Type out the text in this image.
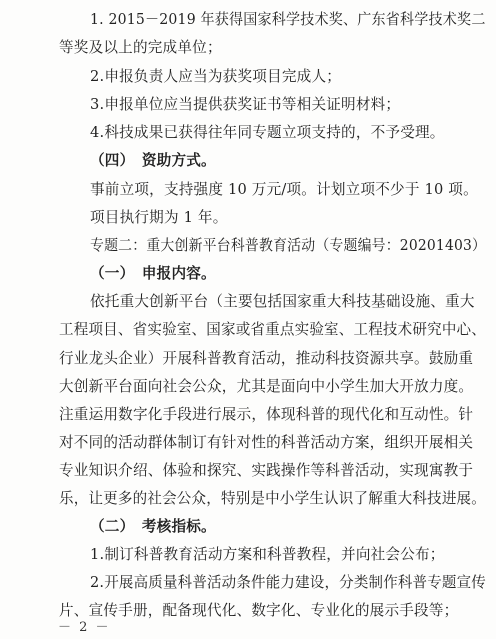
1. 2015－2019 年获得国家科学技术奖、广东省科学技术奖二
等奖及以上的完成单位；
2.申报负责人应当为获奖项目完成人；
3.申报单位应当提供获奖证书等相关证明材料；
4.科技成果已获得往年同专题立项支持的，不予受理。
（四）　资助方式。
事前立项，支持强度 10 万元/项。计划立项不少于 10 项。
项目执行期为 1 年。
专题二：重大创新平台科普教育活动（专题编号：20201403）
（一）　申报内容。
依托重大创新平台（主要包括国家重大科技基础设施、重大
工程项目、省实验室、国家或省重点实验室、工程技术研究中心、
行业龙头企业）开展科普教育活动，推动科技资源共享。鼓励重
大创新平台面向社会公众，尤其是面向中小学生加大开放力度。
注重运用数字化手段进行展示，体现科普的现代化和互动性。针
对不同的活动群体制订有针对性的科普活动方案，组织开展相关
专业知识介绍、体验和探究、实践操作等科普活动，实现寓教于
乐，让更多的社会公众，特别是中小学生认识了解重大科技进展。
（二）　考核指标。
1.制订科普教育活动方案和科普教程，并向社会公布；
2.开展高质量科普活动条件能力建设，分类制作科普专题宣传
片、宣传手册，配备现代化、数字化、专业化的展示手段等；
－ 2 －
